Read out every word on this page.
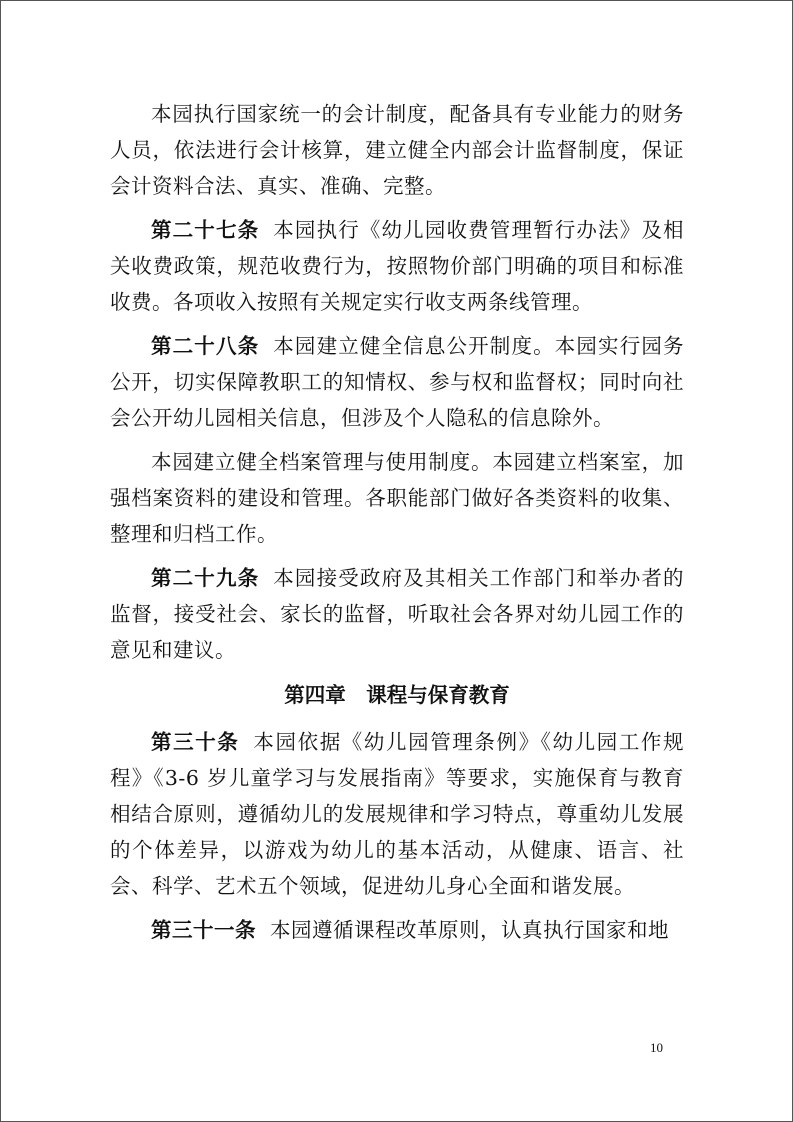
本园执行国家统一的会计制度，配备具有专业能力的财务人员，依法进行会计核算，建立健全内部会计监督制度，保证会计资料合法、真实、准确、完整。

第二十七条 本园执行《幼儿园收费管理暂行办法》及相关收费政策，规范收费行为，按照物价部门明确的项目和标准收费。各项收入按照有关规定实行收支两条线管理。

第二十八条 本园建立健全信息公开制度。本园实行园务公开，切实保障教职工的知情权、参与权和监督权；同时向社会公开幼儿园相关信息，但涉及个人隐私的信息除外。

本园建立健全档案管理与使用制度。本园建立档案室，加强档案资料的建设和管理。各职能部门做好各类资料的收集、整理和归档工作。

第二十九条 本园接受政府及其相关工作部门和举办者的监督，接受社会、家长的监督，听取社会各界对幼儿园工作的意见和建议。

第四章　课程与保育教育

第三十条 本园依据《幼儿园管理条例》《幼儿园工作规程》《3-6 岁儿童学习与发展指南》等要求，实施保育与教育相结合原则，遵循幼儿的发展规律和学习特点，尊重幼儿发展的个体差异，以游戏为幼儿的基本活动，从健康、语言、社会、科学、艺术五个领域，促进幼儿身心全面和谐发展。

第三十一条 本园遵循课程改革原则，认真执行国家和地

10
